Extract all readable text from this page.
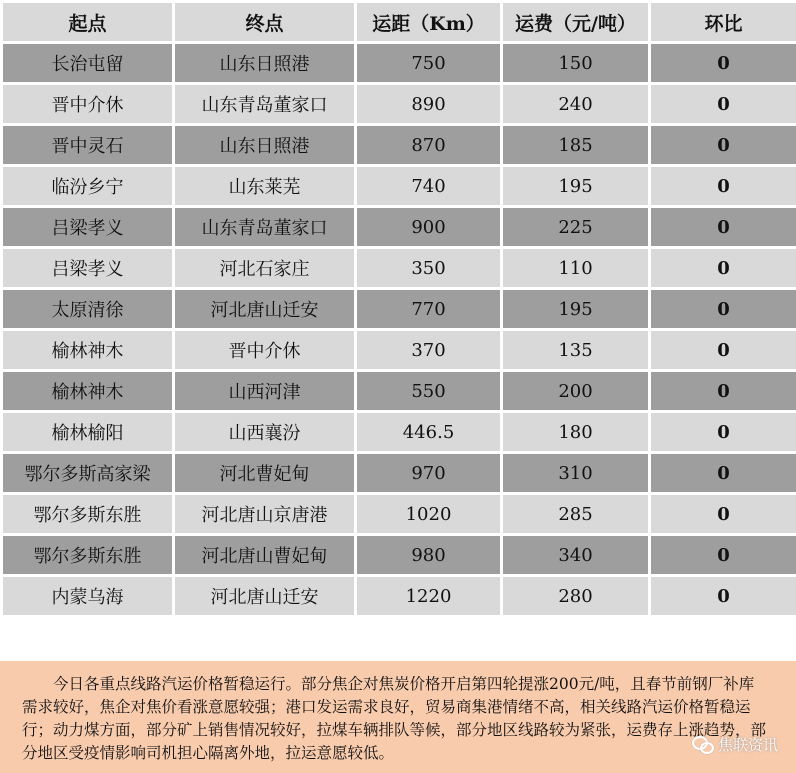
起点	终点	运距（Km）	运费（元/吨）	环比
长治屯留	山东日照港	750	150	0
晋中介休	山东青岛董家口	890	240	0
晋中灵石	山东日照港	870	185	0
临汾乡宁	山东莱芜	740	195	0
吕梁孝义	山东青岛董家口	900	225	0
吕梁孝义	河北石家庄	350	110	0
太原清徐	河北唐山迁安	770	195	0
榆林神木	晋中介休	370	135	0
榆林神木	山西河津	550	200	0
榆林榆阳	山西襄汾	446.5	180	0
鄂尔多斯高家梁	河北曹妃甸	970	310	0
鄂尔多斯东胜	河北唐山京唐港	1020	285	0
鄂尔多斯东胜	河北唐山曹妃甸	980	340	0
内蒙乌海	河北唐山迁安	1220	280	0
今日各重点线路汽运价格暂稳运行。部分焦企对焦炭价格开启第四轮提涨200元/吨，且春节前钢厂补库需求较好，焦企对焦价看涨意愿较强；港口发运需求良好，贸易商集港情绪不高，相关线路汽运价格暂稳运行；动力煤方面，部分矿上销售情况较好，拉煤车辆排队等候，部分地区线路较为紧张，运费存上涨趋势，部分地区受疫情影响司机担心隔离外地，拉运意愿较低。	焦联资讯
